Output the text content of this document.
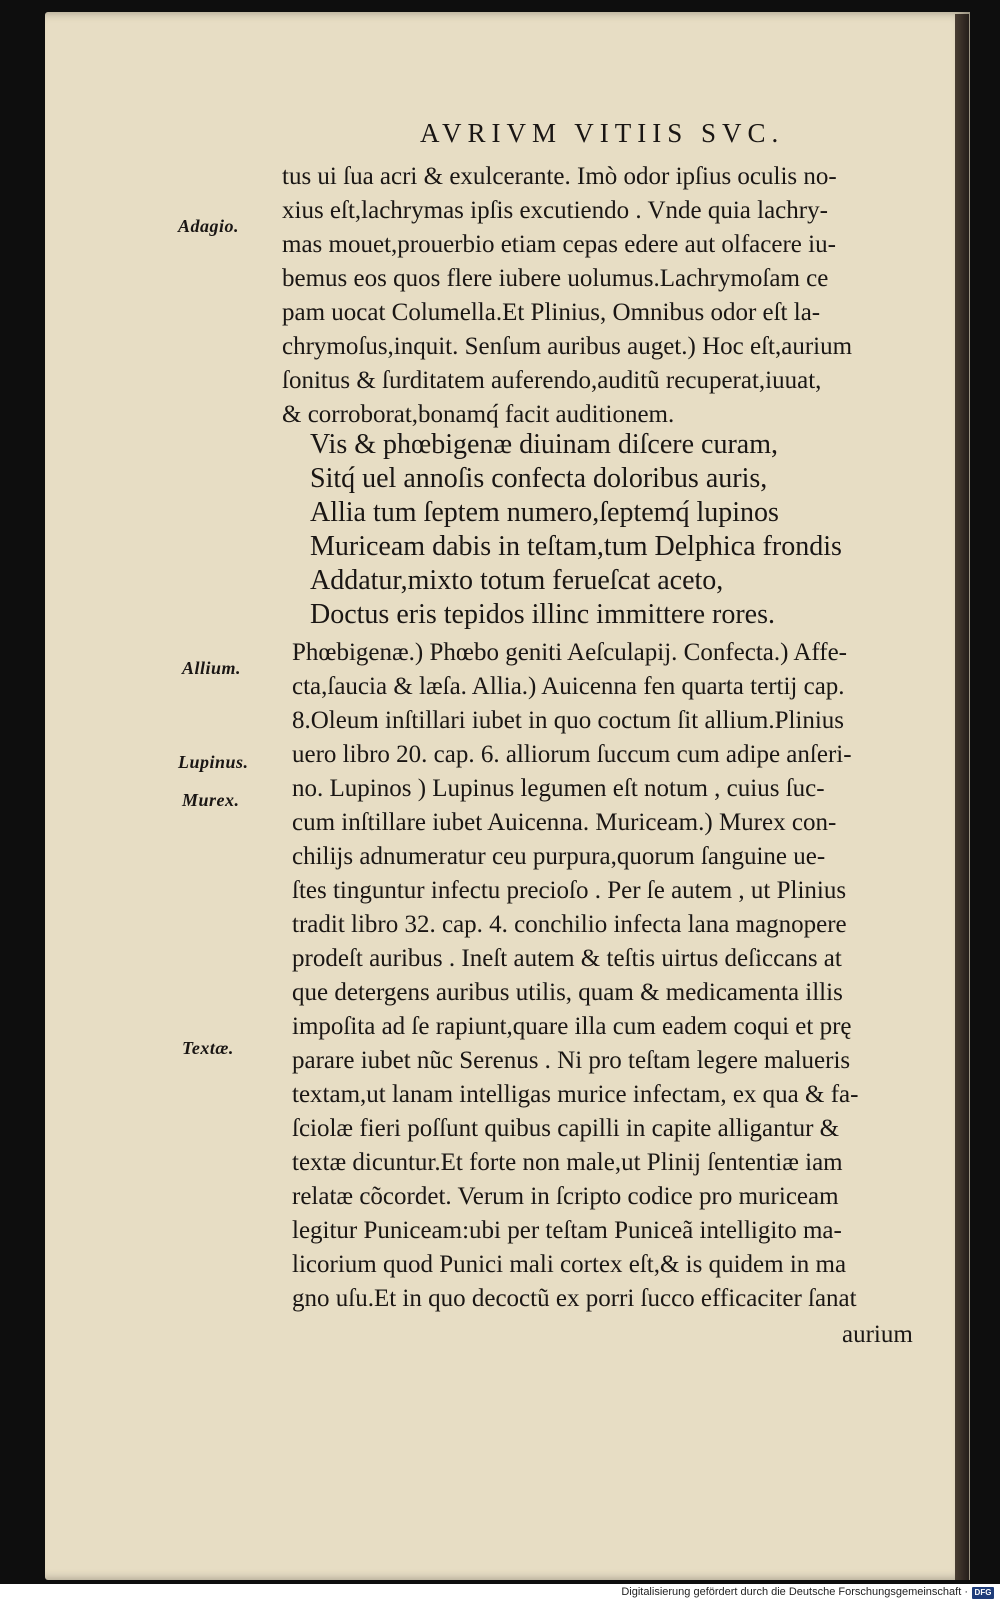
AVRIVM VITIIS SVC.
Adagio.
Allium.
Lupinus.
Murex.
Textæ.
tus ui ſua acri & exulcerante. Imò odor ipſius oculis no-
xius eſt,lachrymas ipſis excutiendo . Vnde quia lachry-
mas mouet,prouerbio etiam cepas edere aut olfacere iu-
bemus eos quos flere iubere uolumus.Lachrymoſam ce
pam uocat Columella.Et Plinius, Omnibus odor eſt la-
chrymoſus,inquit. Senſum auribus auget.) Hoc eſt,aurium
ſonitus & ſurditatem auferendo,auditũ recuperat,iuuat,
& corroborat,bonamq́ facit auditionem.
Vis & phœbigenæ diuinam diſcere curam,
Sitq́ uel annoſis confecta doloribus auris,
Allia tum ſeptem numero,ſeptemq́ lupinos
Muriceam dabis in teſtam,tum Delphica frondis
Addatur,mixto totum ferueſcat aceto,
Doctus eris tepidos illinc immittere rores.
Phœbigenæ.) Phœbo geniti Aeſculapij. Confecta.) Affe-
cta,ſaucia & læſa. Allia.) Auicenna fen quarta tertij cap.
8.Oleum inſtillari iubet in quo coctum ſit allium.Plinius
uero libro 20. cap. 6. alliorum ſuccum cum adipe anſeri-
no. Lupinos ) Lupinus legumen eſt notum , cuius ſuc-
cum inſtillare iubet Auicenna. Muriceam.) Murex con-
chilijs adnumeratur ceu purpura,quorum ſanguine ue-
ſtes tinguntur infectu precioſo . Per ſe autem , ut Plinius
tradit libro 32. cap. 4. conchilio infecta lana magnopere
prodeſt auribus . Ineſt autem & teſtis uirtus deſiccans at
que detergens auribus utilis, quam & medicamenta illis
impoſita ad ſe rapiunt,quare illa cum eadem coqui et prę
parare iubet nũc Serenus . Ni pro teſtam legere malueris
textam,ut lanam intelligas murice infectam, ex qua & fa-
ſciolæ fieri poſſunt quibus capilli in capite alligantur &
textæ dicuntur.Et forte non male,ut Plinij ſententiæ iam
relatæ cõcordet. Verum in ſcripto codice pro muriceam
legitur Puniceam:ubi per teſtam Puniceã intelligito ma-
licorium quod Punici mali cortex eſt,& is quidem in ma
gno uſu.Et in quo decoctũ ex porri ſucco efficaciter ſanat
aurium
Digitalisierung gefördert durch die Deutsche Forschungsgemeinschaft · DFG
